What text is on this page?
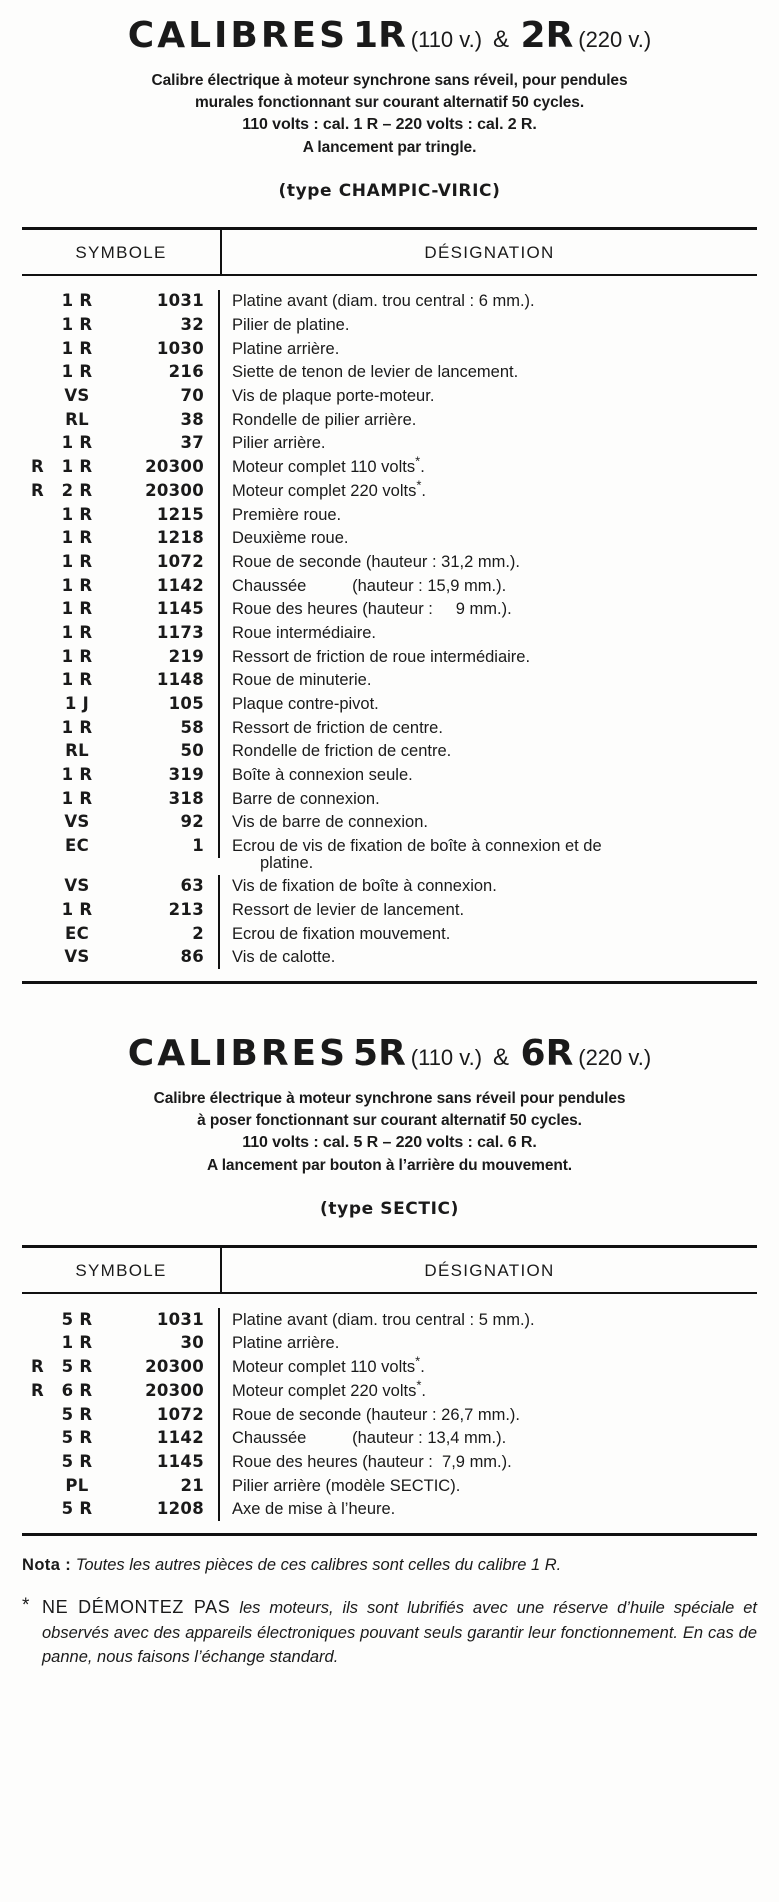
CALIBRES 1R (110 v.) & 2R (220 v.)
Calibre électrique à moteur synchrone sans réveil, pour pendules
murales fonctionnant sur courant alternatif 50 cycles.
110 volts : cal. 1 R – 220 volts : cal. 2 R.
A lancement par tringle.
(type CHAMPIC-VIRIC)
SYMBOLE	DÉSIGNATION
1 R	1031	Platine avant (diam. trou central : 6 mm.).
1 R	32	Pilier de platine.
1 R	1030	Platine arrière.
1 R	216	Siette de tenon de levier de lancement.
VS	70	Vis de plaque porte-moteur.
RL	38	Rondelle de pilier arrière.
1 R	37	Pilier arrière.
R	1 R	20300	Moteur complet 110 volts*.
R	2 R	20300	Moteur complet 220 volts*.
1 R	1215	Première roue.
1 R	1218	Deuxième roue.
1 R	1072	Roue de seconde (hauteur : 31,2 mm.).
1 R	1142	Chaussée          (hauteur : 15,9 mm.).
1 R	1145	Roue des heures (hauteur :     9 mm.).
1 R	1173	Roue intermédiaire.
1 R	219	Ressort de friction de roue intermédiaire.
1 R	1148	Roue de minuterie.
1 J	105	Plaque contre-pivot.
1 R	58	Ressort de friction de centre.
RL	50	Rondelle de friction de centre.
1 R	319	Boîte à connexion seule.
1 R	318	Barre de connexion.
VS	92	Vis de barre de connexion.
EC	1	Ecrou de vis de fixation de boîte à connexion et de
platine.
VS	63	Vis de fixation de boîte à connexion.
1 R	213	Ressort de levier de lancement.
EC	2	Ecrou de fixation mouvement.
VS	86	Vis de calotte.
CALIBRES 5R (110 v.) & 6R (220 v.)
Calibre électrique à moteur synchrone sans réveil pour pendules
à poser fonctionnant sur courant alternatif 50 cycles.
110 volts : cal. 5 R – 220 volts : cal. 6 R.
A lancement par bouton à l’arrière du mouvement.
(type SECTIC)
SYMBOLE	DÉSIGNATION
5 R	1031	Platine avant (diam. trou central : 5 mm.).
1 R	30	Platine arrière.
R	5 R	20300	Moteur complet 110 volts*.
R	6 R	20300	Moteur complet 220 volts*.
5 R	1072	Roue de seconde (hauteur : 26,7 mm.).
5 R	1142	Chaussée          (hauteur : 13,4 mm.).
5 R	1145	Roue des heures (hauteur :  7,9 mm.).
PL	21	Pilier arrière (modèle SECTIC).
5 R	1208	Axe de mise à l’heure.
Nota : Toutes les autres pièces de ces calibres sont celles du calibre 1 R.
* NE DÉMONTEZ PAS les moteurs, ils sont lubrifiés avec une réserve d’huile spéciale et observés avec des appareils électroniques pouvant seuls garantir leur fonctionnement. En cas de panne, nous faisons l’échange standard.
